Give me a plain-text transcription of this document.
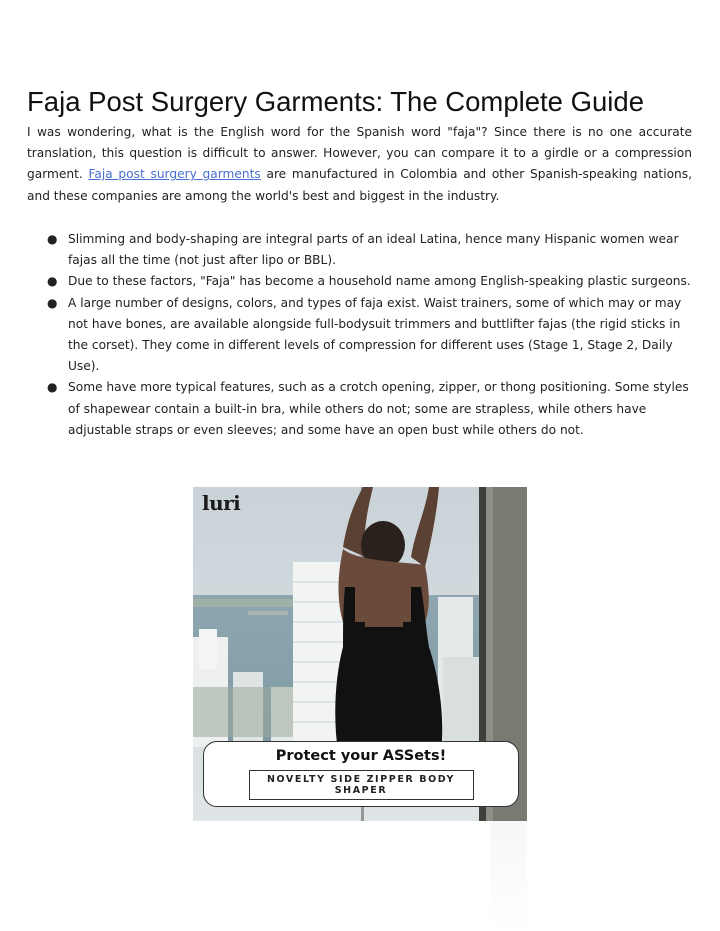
Faja Post Surgery Garments: The Complete Guide

I was wondering, what is the English word for the Spanish word "faja"? Since there is no one accurate translation, this question is difficult to answer. However, you can compare it to a girdle or a compression garment. Faja post surgery garments are manufactured in Colombia and other Spanish-speaking nations, and these companies are among the world's best and biggest in the industry.

● Slimming and body-shaping are integral parts of an ideal Latina, hence many Hispanic women wear fajas all the time (not just after lipo or BBL).
● Due to these factors, "Faja" has become a household name among English-speaking plastic surgeons.
● A large number of designs, colors, and types of faja exist. Waist trainers, some of which may or may not have bones, are available alongside full-bodysuit trimmers and buttlifter fajas (the rigid sticks in the corset). They come in different levels of compression for different uses (Stage 1, Stage 2, Daily Use).
● Some have more typical features, such as a crotch opening, zipper, or thong positioning. Some styles of shapewear contain a built-in bra, while others do not; some are strapless, while others have adjustable straps or even sleeves; and some have an open bust while others do not.
luri
Protect your ASSets!
NOVELTY SIDE ZIPPER BODY SHAPER
